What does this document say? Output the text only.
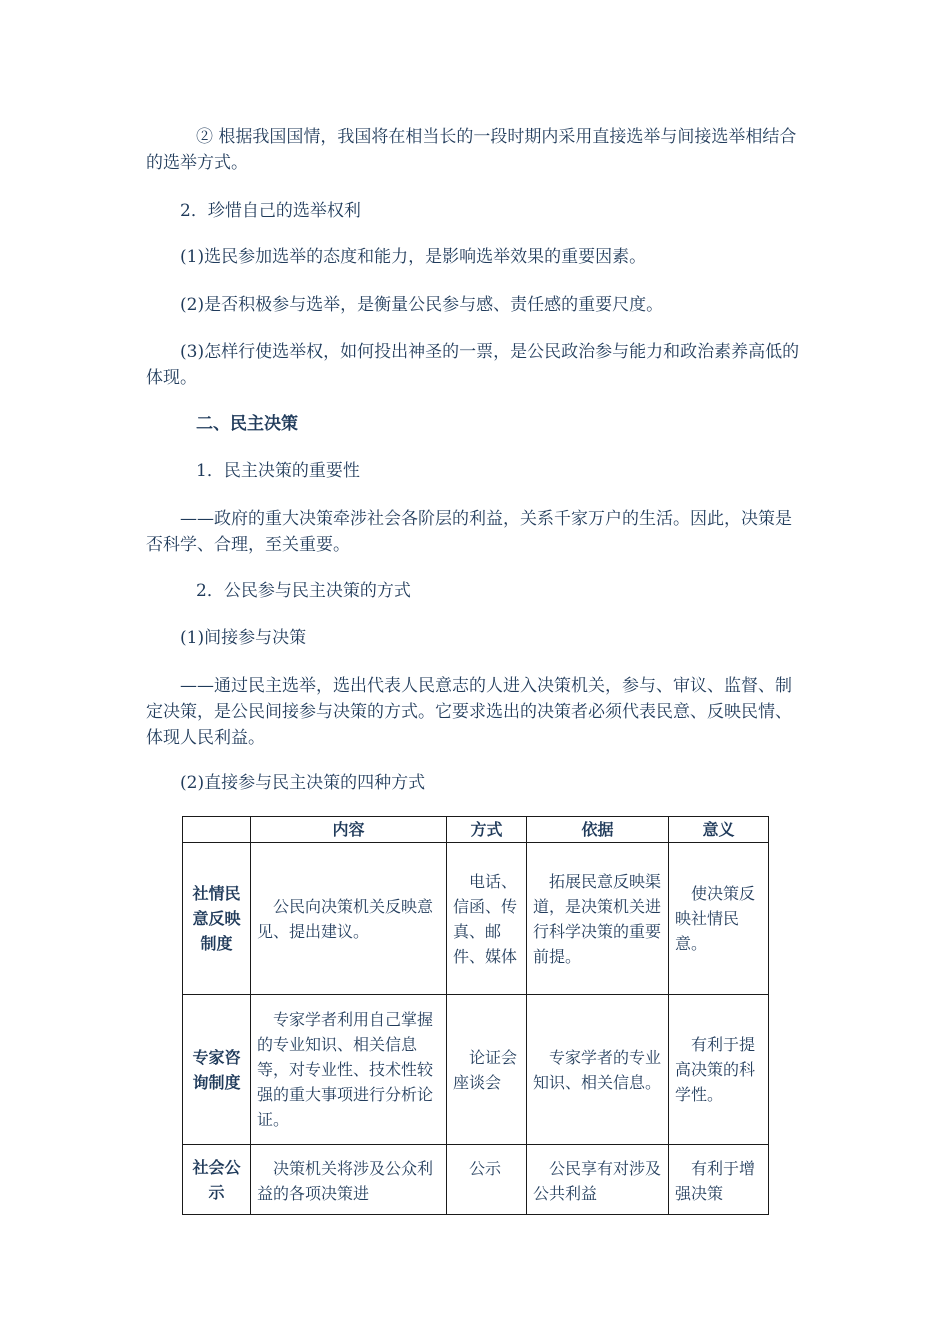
② 根据我国国情，我国将在相当长的一段时期内采用直接选举与间接选举相结合的选举方式。

2．珍惜自己的选举权利

(1)选民参加选举的态度和能力，是影响选举效果的重要因素。

(2)是否积极参与选举，是衡量公民参与感、责任感的重要尺度。

(3)怎样行使选举权，如何投出神圣的一票，是公民政治参与能力和政治素养高低的体现。

二、民主决策

1．民主决策的重要性

——政府的重大决策牵涉社会各阶层的利益，关系千家万户的生活。因此，决策是否科学、合理，至关重要。

2．公民参与民主决策的方式

(1)间接参与决策

——通过民主选举，选出代表人民意志的人进入决策机关，参与、审议、监督、制定决策，是公民间接参与决策的方式。它要求选出的决策者必须代表民意、反映民情、体现人民利益。

(2)直接参与民主决策的四种方式

	内容	方式	依据	意义
社情民意反映制度	公民向决策机关反映意见、提出建议。	电话、信函、传真、邮件、媒体	拓展民意反映渠道，是决策机关进行科学决策的重要前提。	使决策反映社情民意。

专家咨询制度	专家学者利用自己掌握的专业知识、相关信息等，对专业性、技术性较强的重大事项进行分析论证。	论证会 座谈会	专家学者的专业知识、相关信息。	有利于提高决策的科学性。

社会公示	决策机关将涉及公众利益的各项决策进	公示	公民享有对涉及公共利益	有利于增强决策
